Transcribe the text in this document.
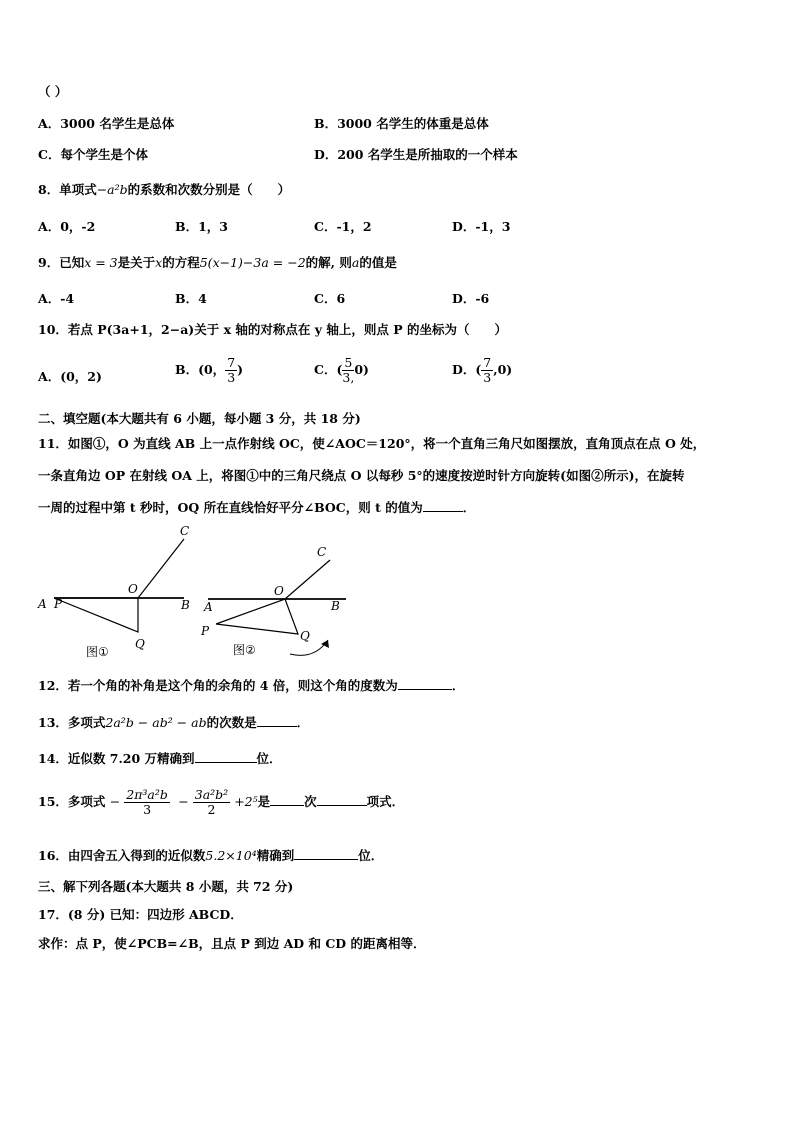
（ ）
A．3000 名学生是总体	B．3000 名学生的体重是总体
C．每个学生是个体	D．200 名学生是所抽取的一个样本
8．单项式−a²b的系数和次数分别是（　　）
A．0，-2	B．1，3	C．-1，2	D．-1，3
9．已知x = 3是关于x的方程5(x−1)−3a = −2的解, 则a的值是
A．-4	B．4	C．6	D．-6
10．若点 P(3a+1，2−a)关于 x 轴的对称点在 y 轴上，则点 P 的坐标为（　　）
A．(0，2)	B．(0， $\frac{7}{3}$ )	C．( $\frac{5}{3,} 0$)	D．( $\frac{7}{3} ,0$)
二、填空题(本大题共有 6 小题，每小题 3 分，共 18 分)
11．如图①，O 为直线 AB 上一点作射线 OC，使∠AOC＝120°，将一个直角三角尺如图摆放，直角顶点在点 O 处，
一条直角边 OP 在射线 OA 上，将图①中的三角尺绕点 O 以每秒 5°的速度按逆时针方向旋转(如图②所示)，在旋转
一周的过程中第 t 秒时，OQ 所在直线恰好平分∠BOC，则 t 的值为	．
A P
O
B
C
Q
图①
A
P
O
B
C
Q
图②
12．若一个角的补角是这个角的余角的 4 倍，则这个角的度数为	．
13．多项式2a²b − ab² − ab的次数是	．
14．近似数 7.20 万精确到	位．
15．多项式 − $\frac{\text{2π³a²b}}{3} - \frac{\text{3a²b²}}{2} +2^5$是	次	项式．
16．由四舍五入得到的近似数5.2×10⁴精确到	位．
三、解下列各题(本大题共 8 小题，共 72 分)
17．(8 分) 已知：四边形 ABCD．
求作：点 P，使∠PCB=∠B，且点 P 到边 AD 和 CD 的距离相等．
